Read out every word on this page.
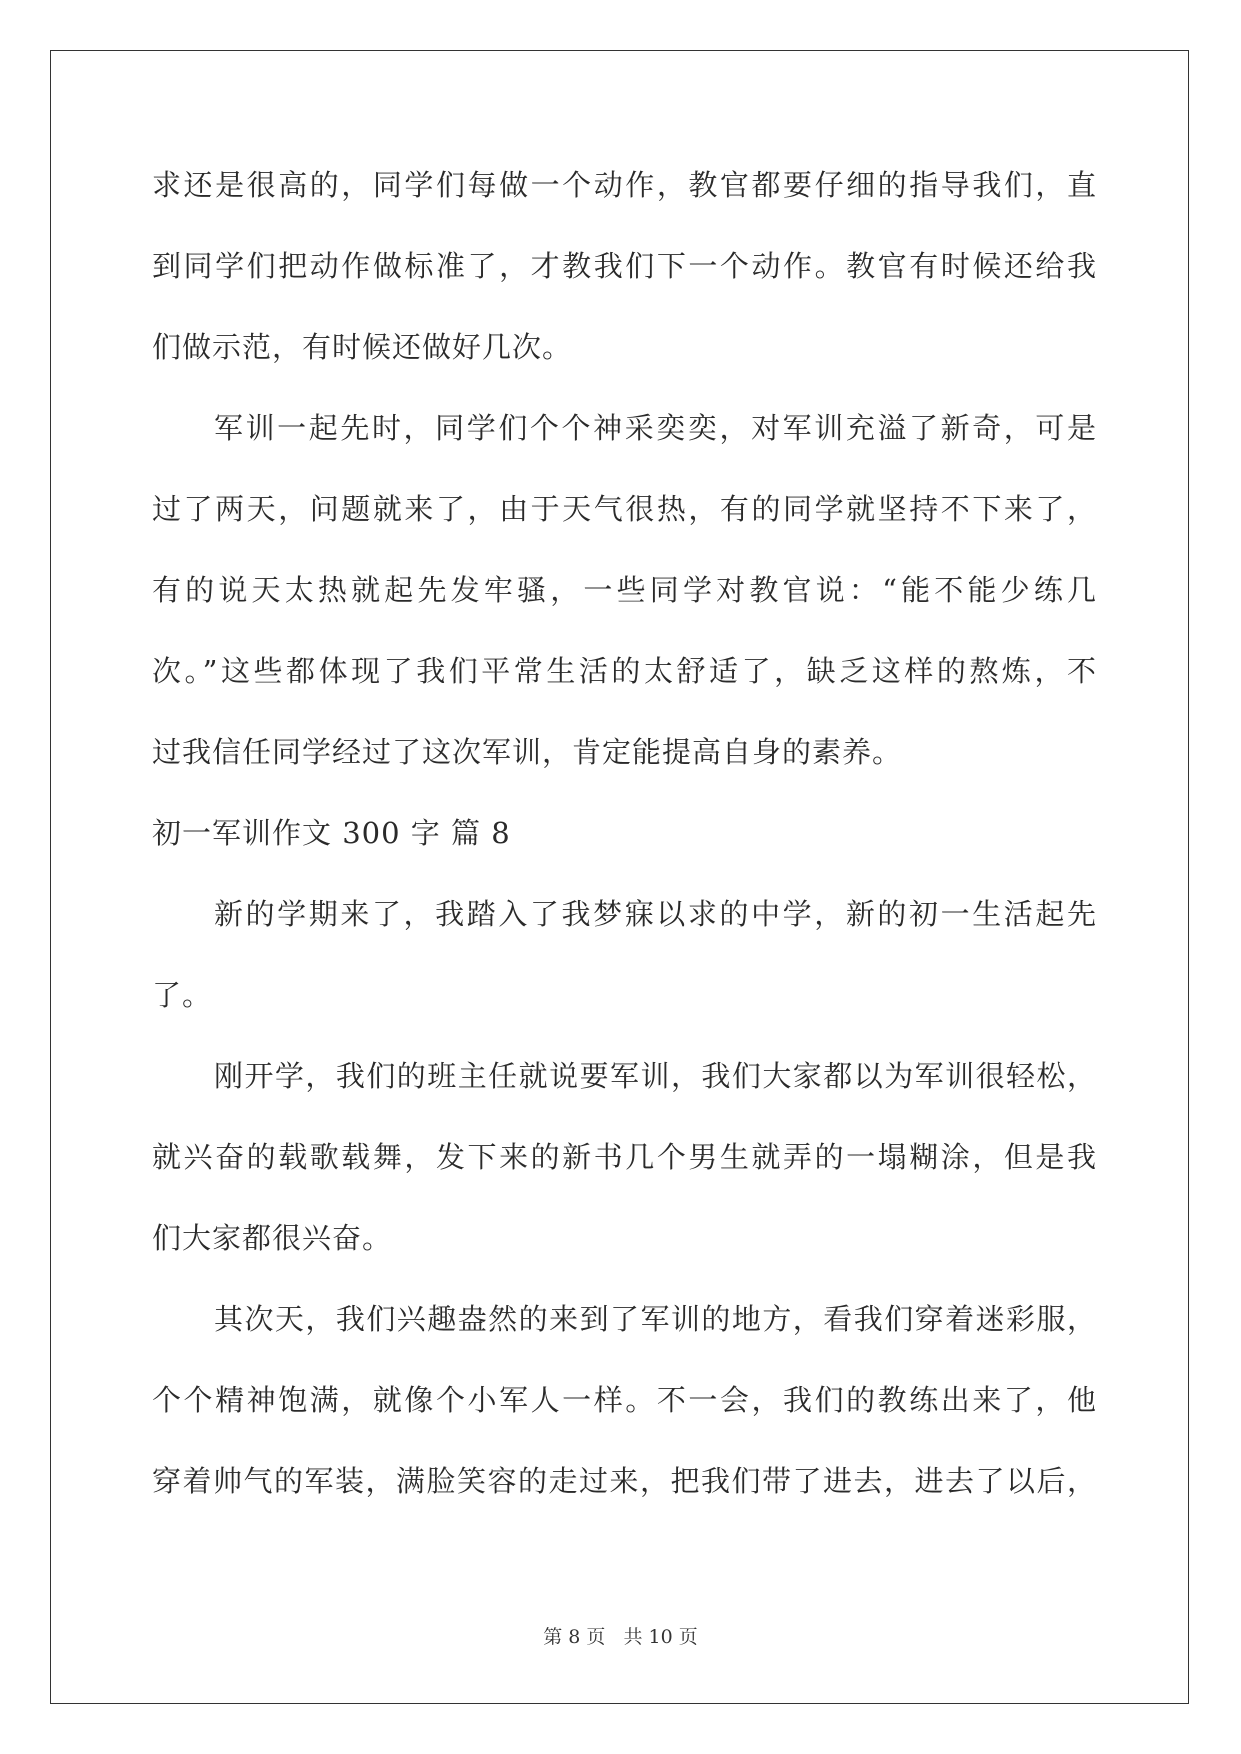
求还是很高的，同学们每做一个动作，教官都要仔细的指导我们，直
到同学们把动作做标准了，才教我们下一个动作。教官有时候还给我
们做示范，有时候还做好几次。
军训一起先时，同学们个个神采奕奕，对军训充溢了新奇，可是
过了两天，问题就来了，由于天气很热，有的同学就坚持不下来了，
有的说天太热就起先发牢骚，一些同学对教官说：“能不能少练几
次。”这些都体现了我们平常生活的太舒适了，缺乏这样的熬炼，不
过我信任同学经过了这次军训，肯定能提高自身的素养。
初一军训作文 300 字 篇 8
新的学期来了，我踏入了我梦寐以求的中学，新的初一生活起先
了。
刚开学，我们的班主任就说要军训，我们大家都以为军训很轻松，
就兴奋的载歌载舞，发下来的新书几个男生就弄的一塌糊涂，但是我
们大家都很兴奋。
其次天，我们兴趣盎然的来到了军训的地方，看我们穿着迷彩服，
个个精神饱满，就像个小军人一样。不一会，我们的教练出来了，他
穿着帅气的军装，满脸笑容的走过来，把我们带了进去，进去了以后，
第 8 页 共 10 页
